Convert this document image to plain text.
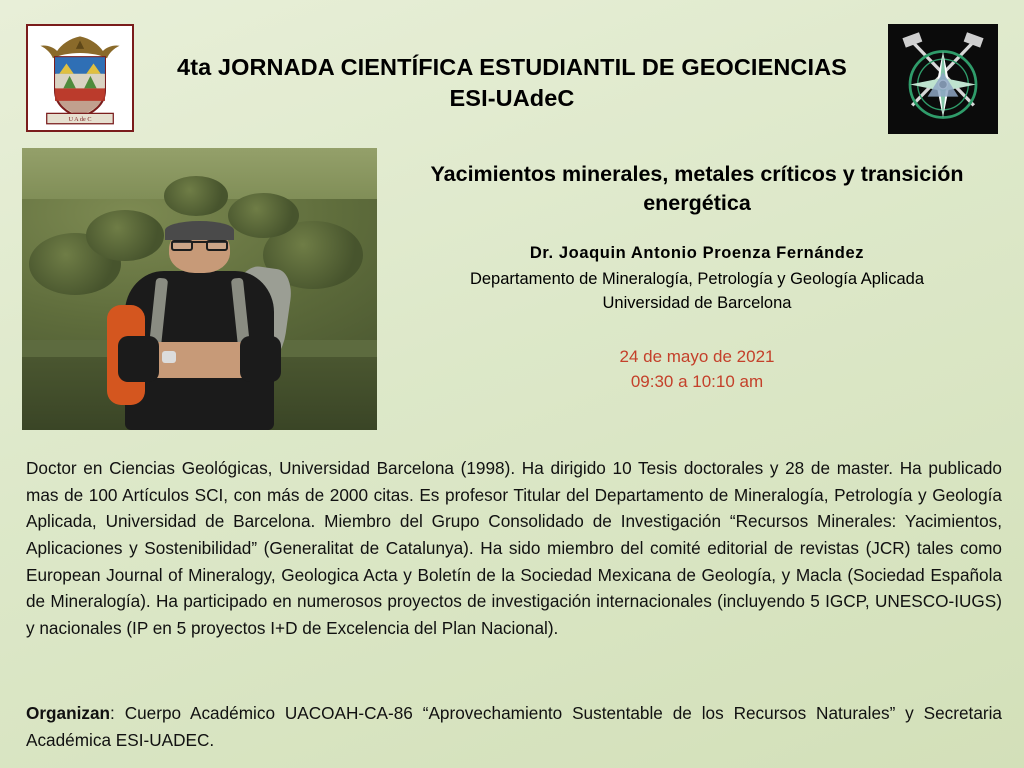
U A de C
4ta JORNADA CIENTÍFICA ESTUDIANTIL DE GEOCIENCIAS
ESI-UAdeC
Yacimientos minerales, metales críticos y transición energética
Dr. Joaquin Antonio Proenza Fernández
Departamento de Mineralogía, Petrología y Geología Aplicada
Universidad de Barcelona
24 de mayo de 2021
09:30 a 10:10 am
Doctor en Ciencias Geológicas, Universidad Barcelona (1998). Ha dirigido 10 Tesis doctorales y 28 de master. Ha publicado mas de 100 Artículos SCI, con más de 2000 citas. Es profesor Titular del Departamento de Mineralogía, Petrología y Geología Aplicada, Universidad de Barcelona. Miembro del Grupo Consolidado de Investigación “Recursos Minerales: Yacimientos, Aplicaciones y Sostenibilidad” (Generalitat de Catalunya). Ha sido miembro del comité editorial de revistas (JCR) tales como European Journal of Mineralogy, Geologica Acta y Boletín de la Sociedad Mexicana de Geología, y Macla (Sociedad Española de Mineralogía). Ha participado en numerosos proyectos de investigación internacionales (incluyendo 5 IGCP, UNESCO-IUGS) y nacionales (IP en 5 proyectos I+D de Excelencia del Plan Nacional).
Organizan: Cuerpo Académico UACOAH-CA-86 “Aprovechamiento Sustentable de los Recursos Naturales” y Secretaria Académica ESI-UADEC.
